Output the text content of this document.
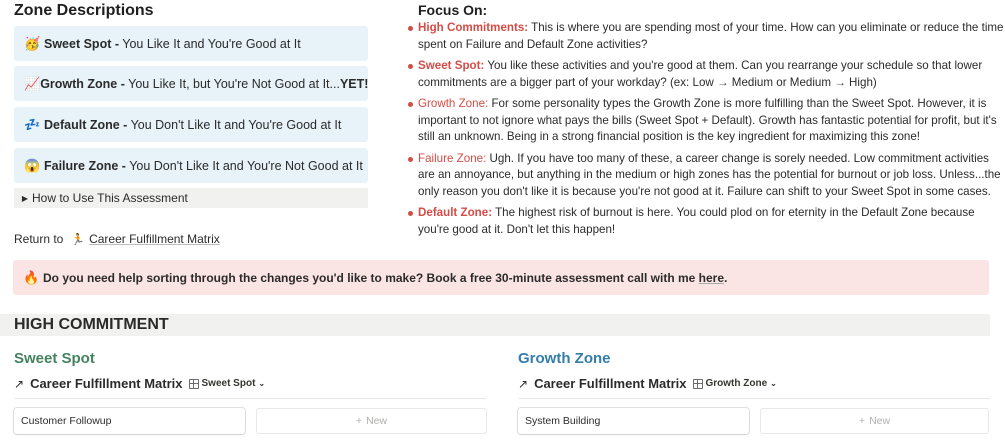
Zone Descriptions
🥳 Sweet Spot - You Like It and You're Good at It
📈 Growth Zone - You Like It, but You're Not Good at It... YET!
💤 Default Zone - You Don't Like It and You're Good at It
😱 Failure Zone - You Don't Like It and You're Not Good at It
▶ How to Use This Assessment
Return to 🏃 Career Fulfillment Matrix
Focus On:
High Commitments: This is where you are spending most of your time. How can you eliminate or reduce the time spent on Failure and Default Zone activities?
Sweet Spot: You like these activities and you're good at them. Can you rearrange your schedule so that lower commitments are a bigger part of your workday? (ex: Low → Medium or Medium → High)
Growth Zone: For some personality types the Growth Zone is more fulfilling than the Sweet Spot. However, it is important to not ignore what pays the bills (Sweet Spot + Default). Growth has fantastic potential for profit, but it's still an unknown. Being in a strong financial position is the key ingredient for maximizing this zone!
Failure Zone: Ugh. If you have too many of these, a career change is sorely needed. Low commitment activities are an annoyance, but anything in the medium or high zones has the potential for burnout or job loss. Unless...the only reason you don't like it is because you're not good at it. Failure can shift to your Sweet Spot in some cases.
Default Zone: The highest risk of burnout is here. You could plod on for eternity in the Default Zone because you're good at it. Don't let this happen!
🔥 Do you need help sorting through the changes you'd like to make? Book a free 30-minute assessment call with me here .
HIGH COMMITMENT
Sweet Spot
↗ Career Fulfillment Matrix Sweet Spot ⌄
Customer Followup	+ New
Growth Zone
↗ Career Fulfillment Matrix Growth Zone ⌄
System Building	+ New
